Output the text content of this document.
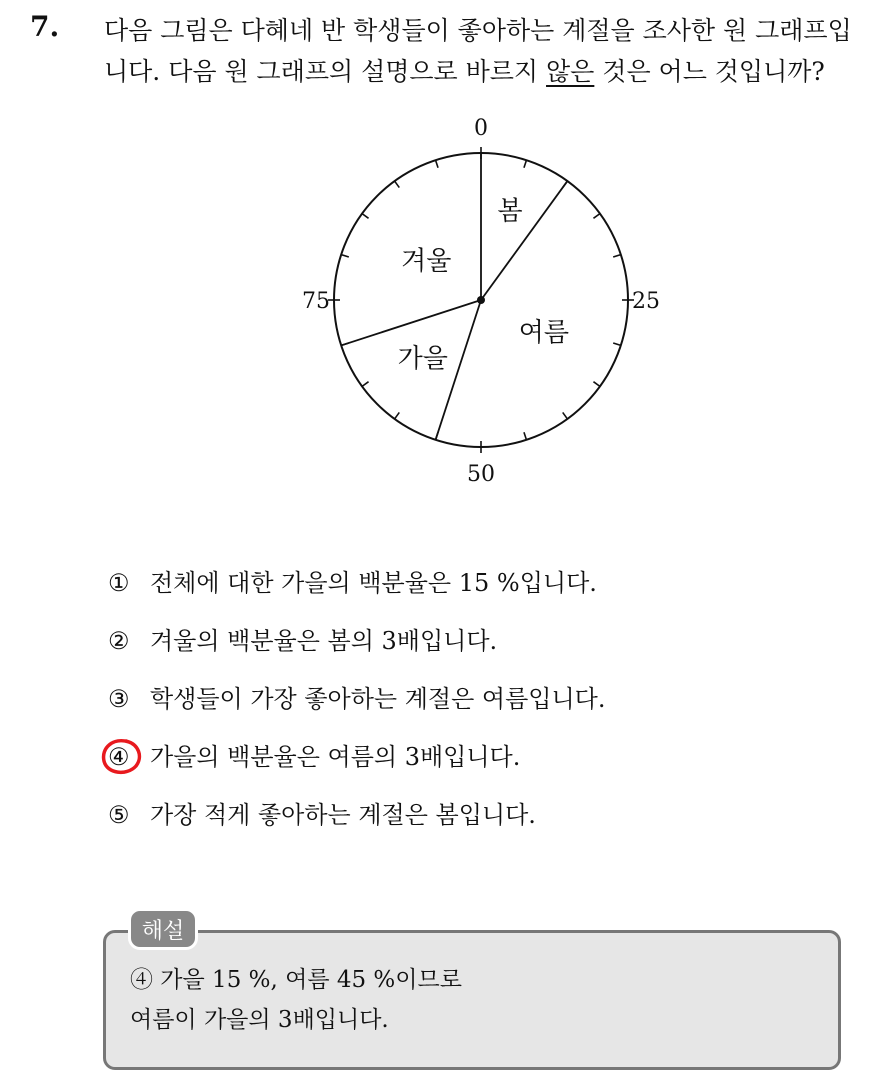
7. 다음 그림은 다혜네 반 학생들이 좋아하는 계절을 조사한 원 그래프입
니다. 다음 원 그래프의 설명으로 바르지 않은 것은 어느 것입니까?
0
25
50
75
봄
여름
가을
겨울
① 전체에 대한 가을의 백분율은 15 %입니다.
② 겨울의 백분율은 봄의 3배입니다.
③ 학생들이 가장 좋아하는 계절은 여름입니다.
④ 가을의 백분율은 여름의 3배입니다.
⑤ 가장 적게 좋아하는 계절은 봄입니다.
해설
④ 가을 15 %, 여름 45 %이므로
여름이 가을의 3배입니다.
